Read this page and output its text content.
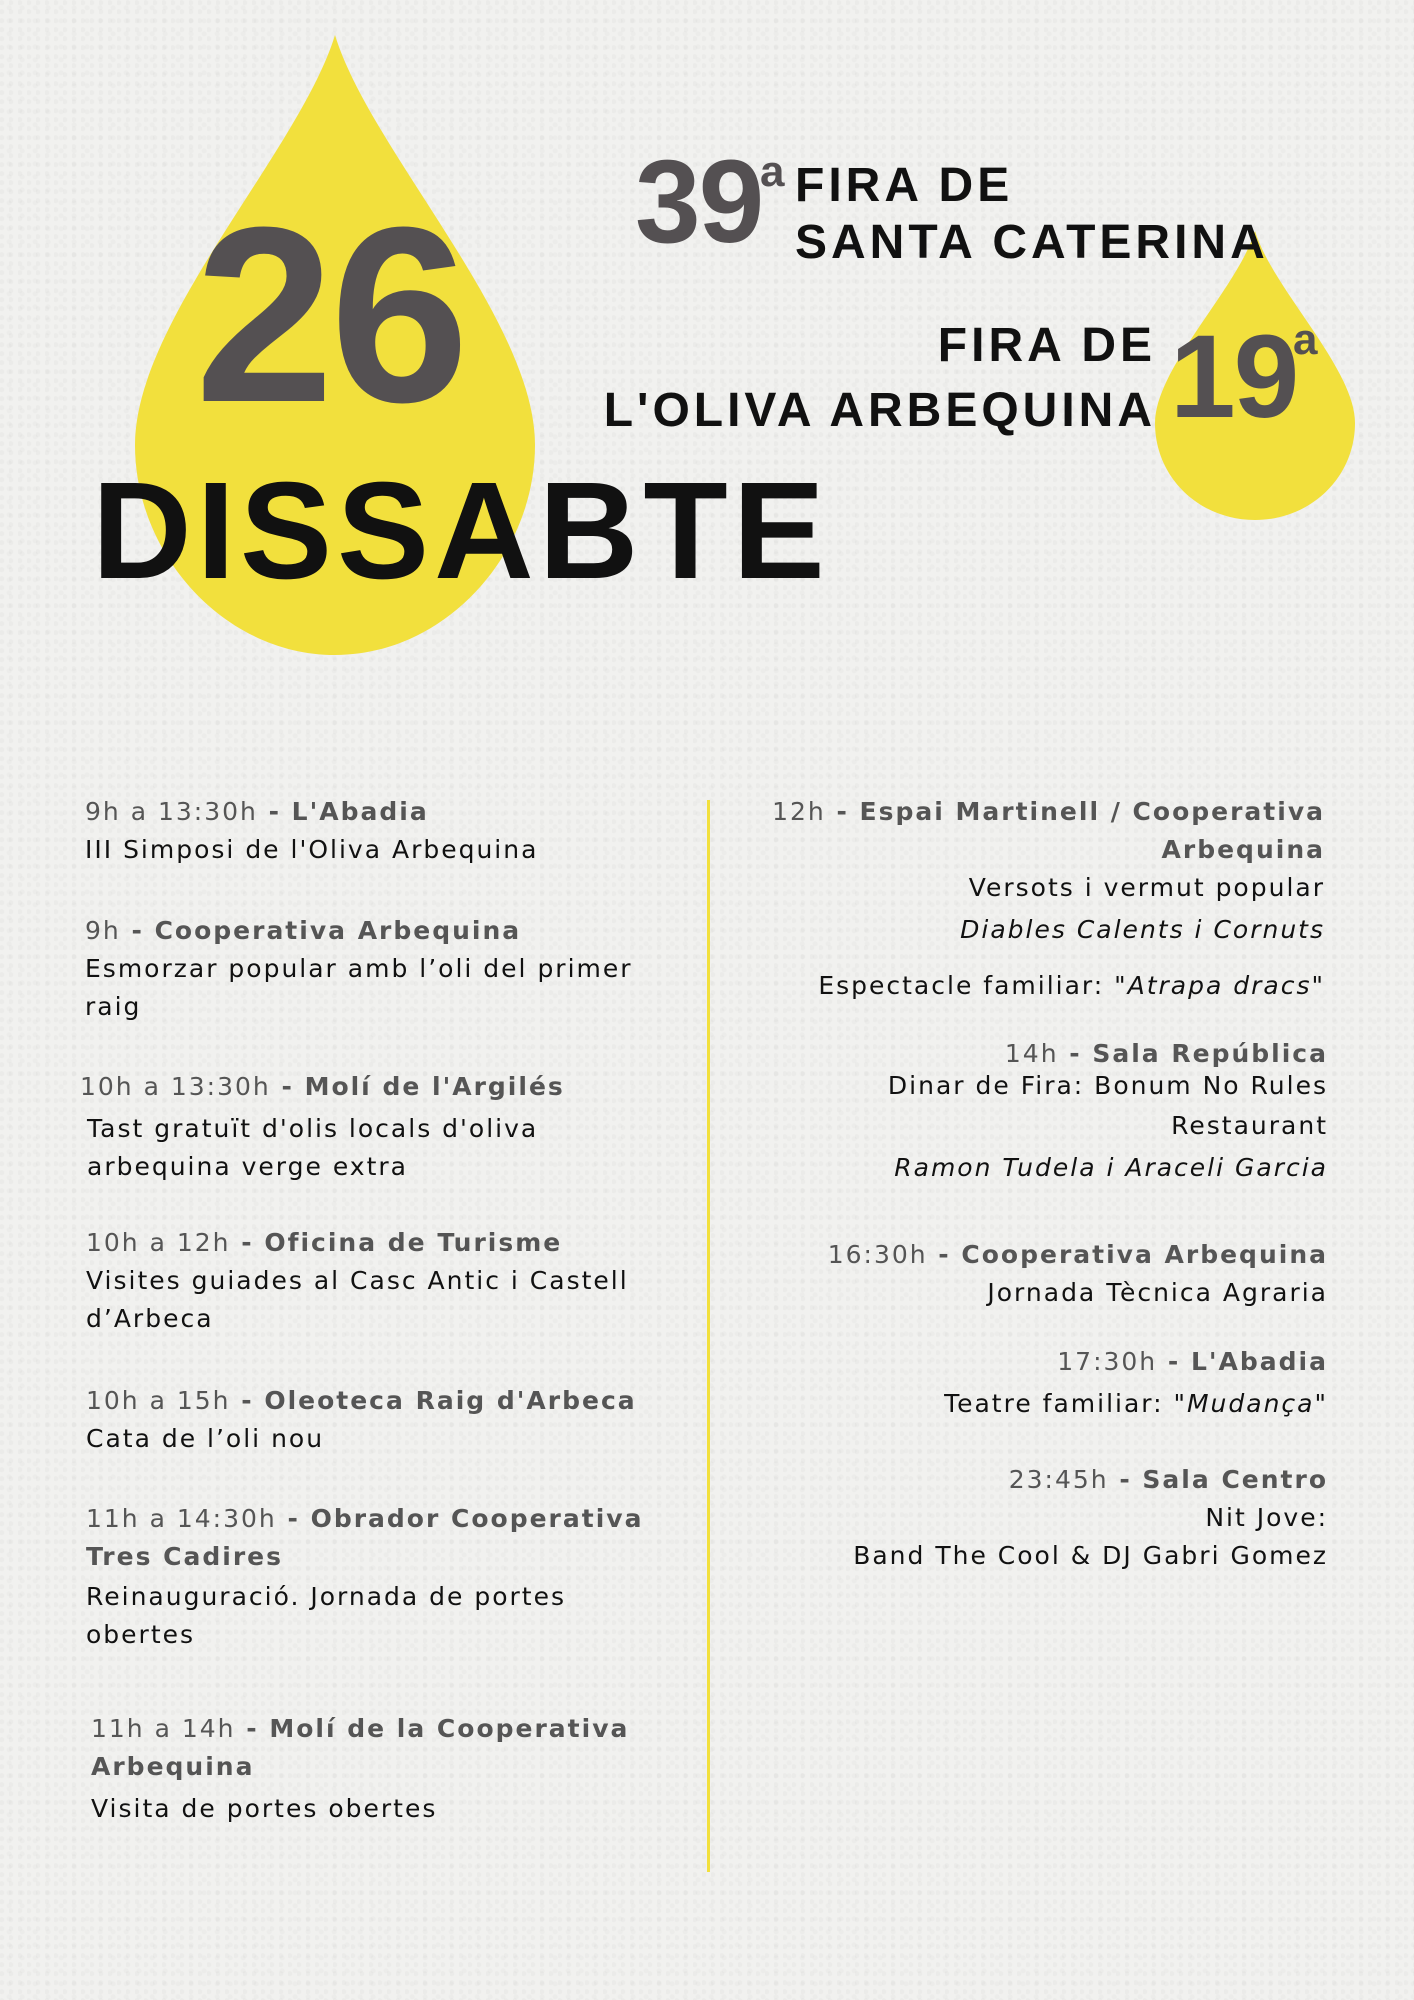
26
DISSABTE
39
a FIRA DE
SANTA CATERINA
FIRA DE
L'OLIVA ARBEQUINA 19
a
9h a 13:30h - L'Abadia
III Simposi de l'Oliva Arbequina
9h - Cooperativa Arbequina
Esmorzar popular amb l’oli del primer raig
10h a 13:30h - Molí de l'Argilés
Tast gratuït d'olis locals d'oliva arbequina verge extra
10h a 12h - Oficina de Turisme
Visites guiades al Casc Antic i Castell d’Arbeca
10h a 15h - Oleoteca Raig d'Arbeca
Cata de l’oli nou
11h a 14:30h - Obrador Cooperativa Tres Cadires
Reinauguració. Jornada de portes obertes
11h a 14h - Molí de la Cooperativa Arbequina
Visita de portes obertes
12h - Espai Martinell / Cooperativa
Arbequina
Versots i vermut popular
Diables Calents i Cornuts
Espectacle familiar: "Atrapa dracs"
14h - Sala República
Dinar de Fira: Bonum No Rules
Restaurant
Ramon Tudela i Araceli Garcia
16:30h - Cooperativa Arbequina
Jornada Tècnica Agraria
17:30h - L'Abadia
Teatre familiar: "Mudança"
23:45h - Sala Centro
Nit Jove:
Band The Cool & DJ Gabri Gomez
